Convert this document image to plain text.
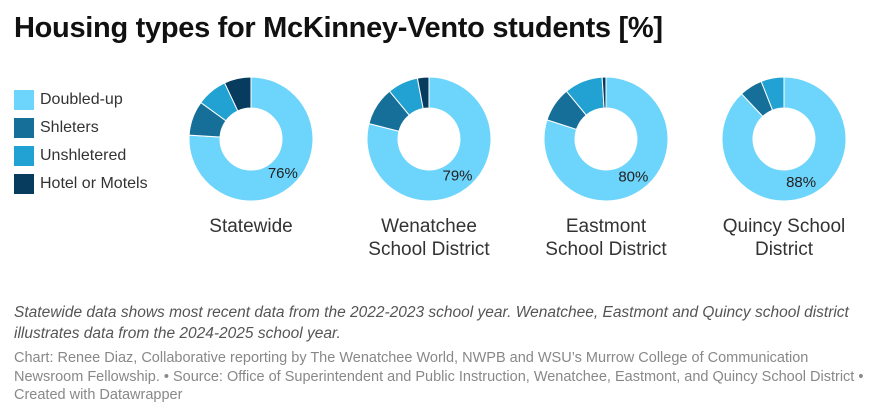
Housing types for McKinney-Vento students [%]
Doubled-up
Shleters
Unshletered
Hotel or Motels
76%	79%	80%	88%
Statewide	Wenatchee
School District
Eastmont
School District
Quincy School
District
Statewide data shows most recent data from the 2022-2023 school year. Wenatchee, Eastmont and Quincy school district illustrates data from the 2024-2025 school year.
Chart: Renee Diaz, Collaborative reporting by The Wenatchee World, NWPB and WSU’s Murrow College of Communication Newsroom Fellowship. • Source: Office of Superintendent and Public Instruction, Wenatchee, Eastmont, and Quincy School District • Created with Datawrapper
